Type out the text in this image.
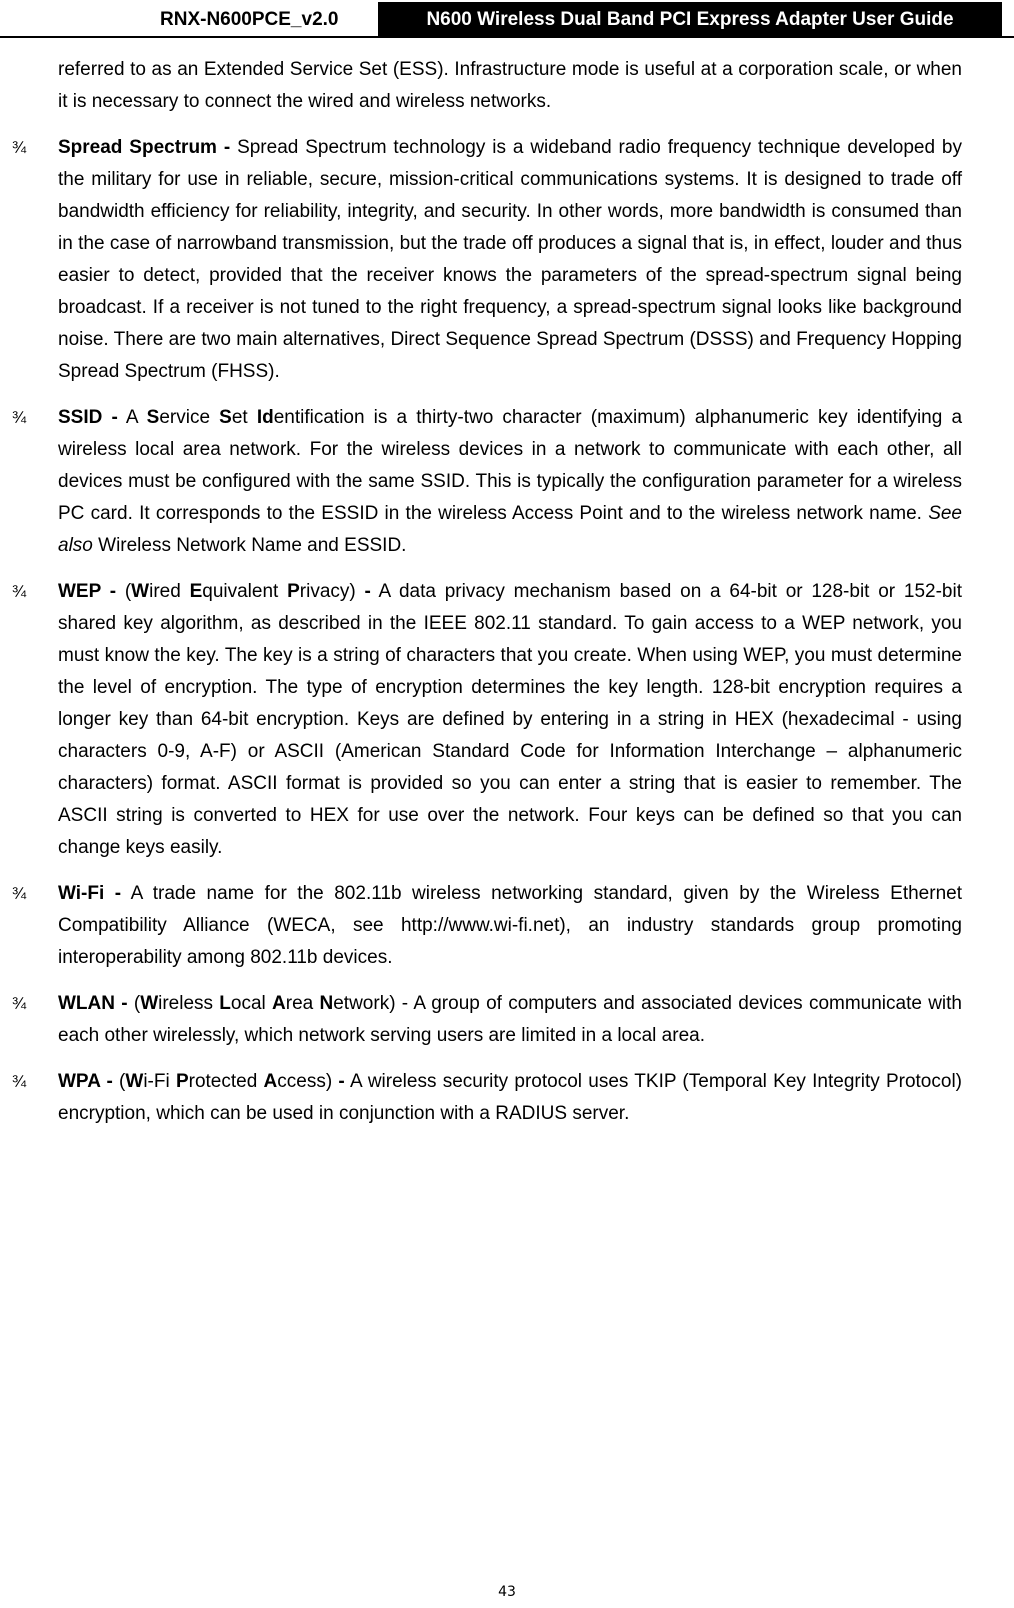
RNX-N600PCE_v2.0	N600 Wireless Dual Band PCI Express Adapter User Guide

referred to as an Extended Service Set (ESS). Infrastructure mode is useful at a corporation scale, or when it is necessary to connect the wired and wireless networks.

¾	Spread Spectrum - Spread Spectrum technology is a wideband radio frequency technique developed by the military for use in reliable, secure, mission-critical communications systems. It is designed to trade off bandwidth efficiency for reliability, integrity, and security. In other words, more bandwidth is consumed than in the case of narrowband transmission, but the trade off produces a signal that is, in effect, louder and thus easier to detect, provided that the receiver knows the parameters of the spread-spectrum signal being broadcast. If a receiver is not tuned to the right frequency, a spread-spectrum signal looks like background noise. There are two main alternatives, Direct Sequence Spread Spectrum (DSSS) and Frequency Hopping Spread Spectrum (FHSS).

¾	SSID - A Service Set Identification is a thirty-two character (maximum) alphanumeric key identifying a wireless local area network. For the wireless devices in a network to communicate with each other, all devices must be configured with the same SSID. This is typically the configuration parameter for a wireless PC card. It corresponds to the ESSID in the wireless Access Point and to the wireless network name. See also Wireless Network Name and ESSID.

¾	WEP - (Wired Equivalent Privacy) - A data privacy mechanism based on a 64-bit or 128-bit or 152-bit shared key algorithm, as described in the IEEE 802.11 standard. To gain access to a WEP network, you must know the key. The key is a string of characters that you create. When using WEP, you must determine the level of encryption. The type of encryption determines the key length. 128-bit encryption requires a longer key than 64-bit encryption. Keys are defined by entering in a string in HEX (hexadecimal - using characters 0-9, A-F) or ASCII (American Standard Code for Information Interchange – alphanumeric characters) format. ASCII format is provided so you can enter a string that is easier to remember. The ASCII string is converted to HEX for use over the network. Four keys can be defined so that you can change keys easily.

¾	Wi-Fi - A trade name for the 802.11b wireless networking standard, given by the Wireless Ethernet Compatibility Alliance (WECA, see http://www.wi-fi.net), an industry standards group promoting interoperability among 802.11b devices.

¾	WLAN - (Wireless Local Area Network) - A group of computers and associated devices communicate with each other wirelessly, which network serving users are limited in a local area.

¾	WPA - (Wi-Fi Protected Access) - A wireless security protocol uses TKIP (Temporal Key Integrity Protocol) encryption, which can be used in conjunction with a RADIUS server.

43
